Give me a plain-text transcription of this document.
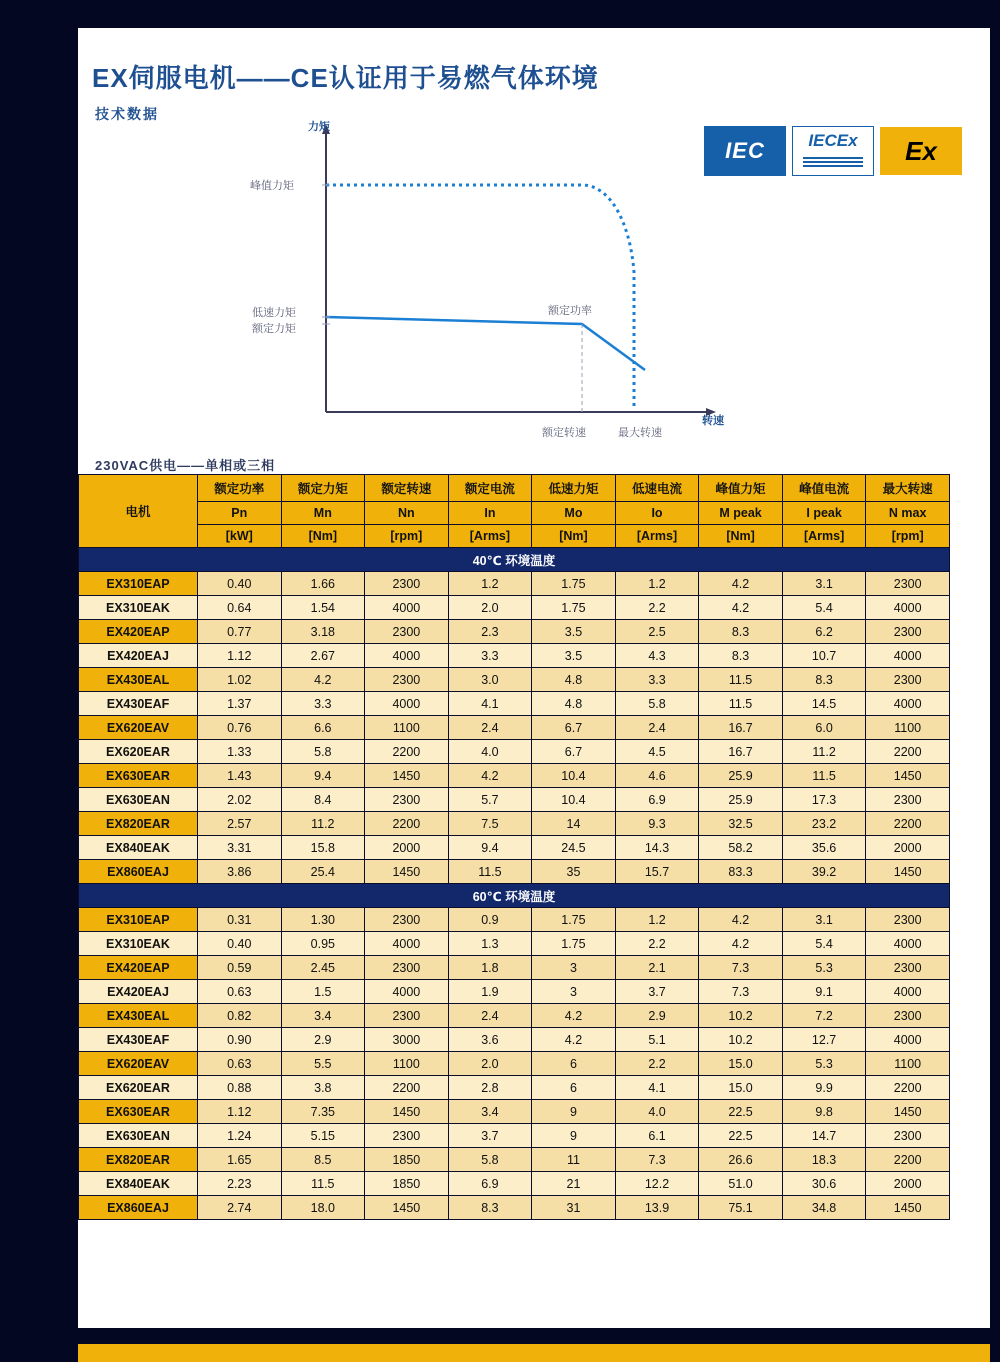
EX伺服电机——CE认证用于易燃气体环境
技术数据
IEC	IECEx	Ex
力矩
转速
峰值力矩
低速力矩
额定力矩
额定功率
额定转速	最大转速
230VAC供电——单相或三相
电机	额定功率	额定力矩	额定转速	额定电流	低速力矩	低速电流	峰值力矩	峰值电流	最大转速
	Pn	Mn	Nn	In	Mo	Io	M peak	I peak	N max
	[kW]	[Nm]	[rpm]	[Arms]	[Nm]	[Arms]	[Nm]	[Arms]	[rpm]
40℃ 环境温度									
EX310EAP	0.40	1.66	2300	1.2	1.75	1.2	4.2	3.1	2300
EX310EAK	0.64	1.54	4000	2.0	1.75	2.2	4.2	5.4	4000
EX420EAP	0.77	3.18	2300	2.3	3.5	2.5	8.3	6.2	2300
EX420EAJ	1.12	2.67	4000	3.3	3.5	4.3	8.3	10.7	4000
EX430EAL	1.02	4.2	2300	3.0	4.8	3.3	11.5	8.3	2300
EX430EAF	1.37	3.3	4000	4.1	4.8	5.8	11.5	14.5	4000
EX620EAV	0.76	6.6	1100	2.4	6.7	2.4	16.7	6.0	1100
EX620EAR	1.33	5.8	2200	4.0	6.7	4.5	16.7	11.2	2200
EX630EAR	1.43	9.4	1450	4.2	10.4	4.6	25.9	11.5	1450
EX630EAN	2.02	8.4	2300	5.7	10.4	6.9	25.9	17.3	2300
EX820EAR	2.57	11.2	2200	7.5	14	9.3	32.5	23.2	2200
EX840EAK	3.31	15.8	2000	9.4	24.5	14.3	58.2	35.6	2000
EX860EAJ	3.86	25.4	1450	11.5	35	15.7	83.3	39.2	1450
60℃ 环境温度									
EX310EAP	0.31	1.30	2300	0.9	1.75	1.2	4.2	3.1	2300
EX310EAK	0.40	0.95	4000	1.3	1.75	2.2	4.2	5.4	4000
EX420EAP	0.59	2.45	2300	1.8	3	2.1	7.3	5.3	2300
EX420EAJ	0.63	1.5	4000	1.9	3	3.7	7.3	9.1	4000
EX430EAL	0.82	3.4	2300	2.4	4.2	2.9	10.2	7.2	2300
EX430EAF	0.90	2.9	3000	3.6	4.2	5.1	10.2	12.7	4000
EX620EAV	0.63	5.5	1100	2.0	6	2.2	15.0	5.3	1100
EX620EAR	0.88	3.8	2200	2.8	6	4.1	15.0	9.9	2200
EX630EAR	1.12	7.35	1450	3.4	9	4.0	22.5	9.8	1450
EX630EAN	1.24	5.15	2300	3.7	9	6.1	22.5	14.7	2300
EX820EAR	1.65	8.5	1850	5.8	11	7.3	26.6	18.3	2200
EX840EAK	2.23	11.5	1850	6.9	21	12.2	51.0	30.6	2000
EX860EAJ	2.74	18.0	1450	8.3	31	13.9	75.1	34.8	1450
